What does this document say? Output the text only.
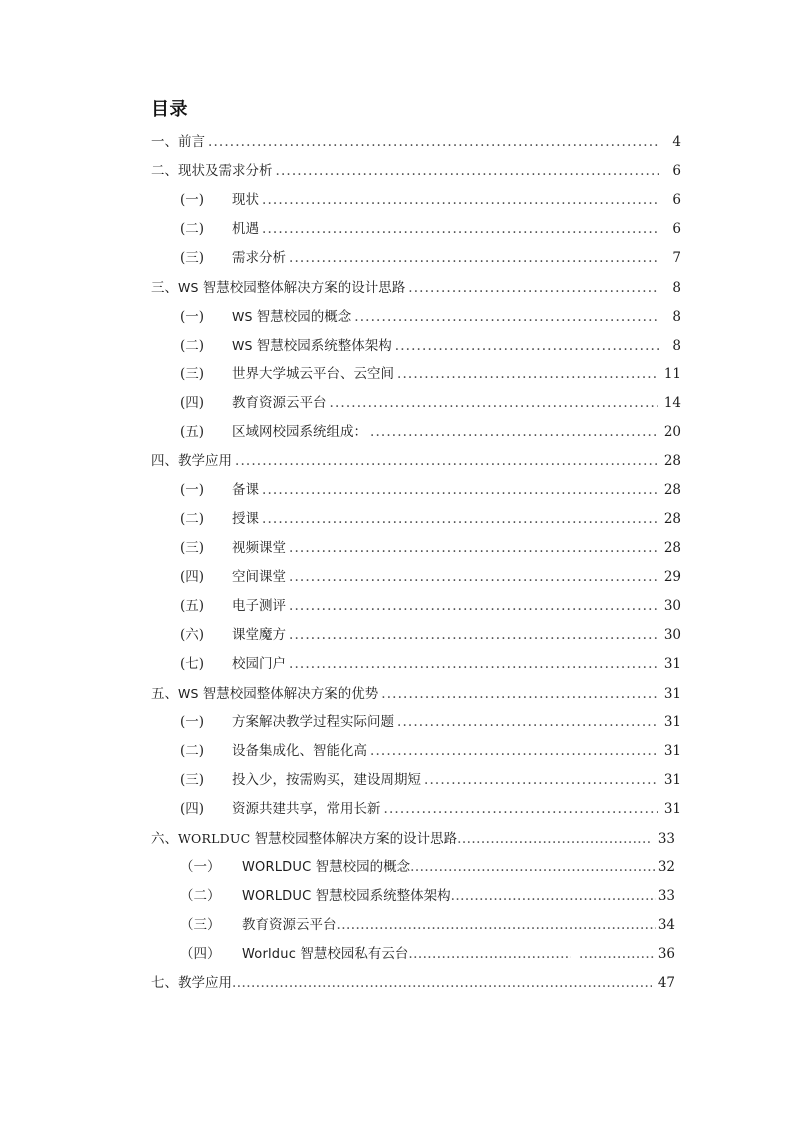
目录
一、 前言 .....	4
二、 现状及需求分析 .....	6
(一)	现状 .....	6
(二)	机遇 .....	6
(三)	需求分析 .....	7
三、 WS 智慧校园整体解决方案的设计思路 .....	8
(一)	WS 智慧校园的概念 .....	8
(二)	WS 智慧校园系统整体架构 .....	8
(三)	世界大学城云平台、云空间 .....	11
(四)	教育资源云平台 .....	14
(五)	区域网校园系统组成： .....	20
四、 教学应用 .....	28
(一)	备课 .....	28
(二)	授课 .....	28
(三)	视频课堂 .....	28
(四)	空间课堂 .....	29
(五)	电子测评 .....	30
(六)	课堂魔方 .....	30
(七)	校园门户 .....	31
五、 WS 智慧校园整体解决方案的优势 .....	31
(一)	方案解决教学过程实际问题 .....	31
(二)	设备集成化、智能化高 .....	31
(三)	投入少，按需购买，建设周期短 .....	31
(四)	资源共建共享，常用长新 .....	31
六、 WORLDUC 智慧校园整体解决方案的设计思路 .....	33
（一）	WORLDUC 智慧校园的概念 .....	32
（二）	WORLDUC 智慧校园系统整体架构 .....	33
（三）	教育资源云平台 .....	34
（四）	Worlduc 智慧校园私有云台 .....	36
七、 教学应用 .....	47
